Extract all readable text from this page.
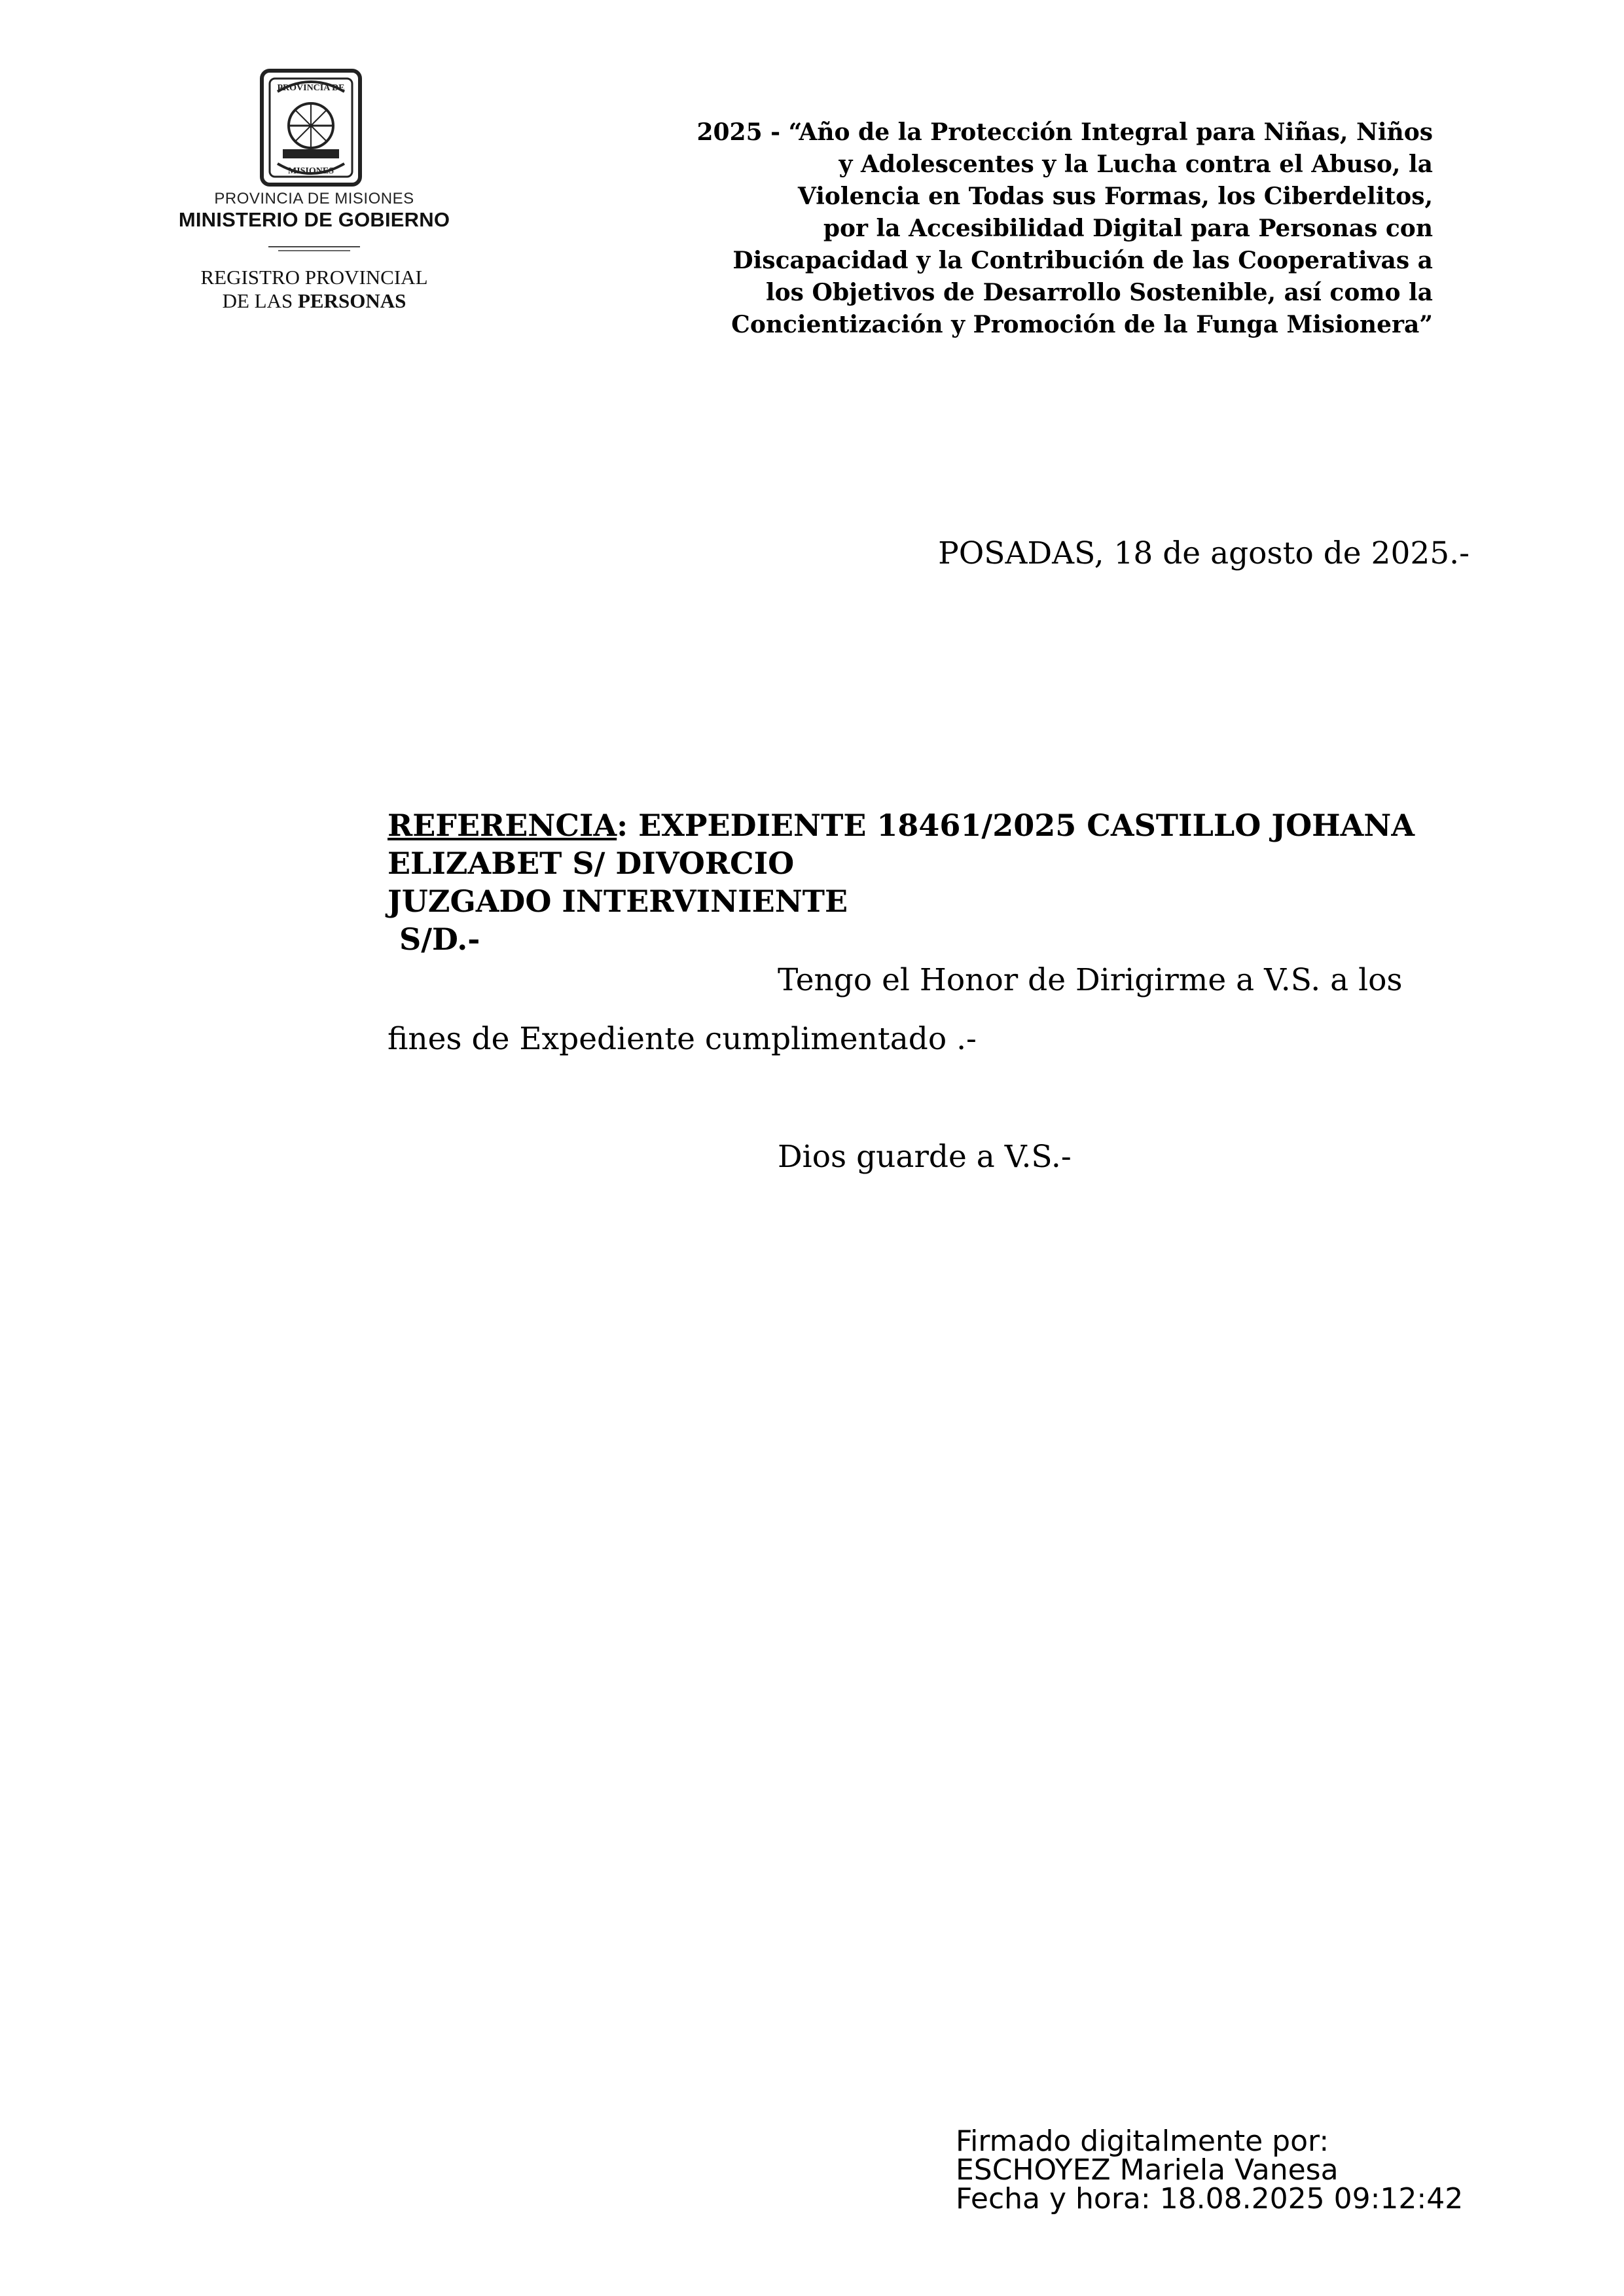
PROVINCIA DE
MISIONES
PROVINCIA DE MISIONES
MINISTERIO DE GOBIERNO
REGISTRO PROVINCIAL
DE LAS PERSONAS
2025 - “Año de la Protección Integral para Niñas, Niños
y Adolescentes y la Lucha contra el Abuso, la
Violencia en Todas sus Formas, los Ciberdelitos,
por la Accesibilidad Digital para Personas con
Discapacidad y la Contribución de las Cooperativas a
los Objetivos de Desarrollo Sostenible, así como la
Concientización y Promoción de la Funga Misionera”
POSADAS, 18 de agosto de 2025.-
REFERENCIA: EXPEDIENTE 18461/2025 CASTILLO JOHANA
ELIZABET S/ DIVORCIO
JUZGADO INTERVINIENTE
S/D.-
Tengo el Honor de Dirigirme a V.S. a los
fines de Expediente cumplimentado .-
Dios guarde a V.S.-
Firmado digitalmente por:
ESCHOYEZ Mariela Vanesa
Fecha y hora: 18.08.2025 09:12:42
